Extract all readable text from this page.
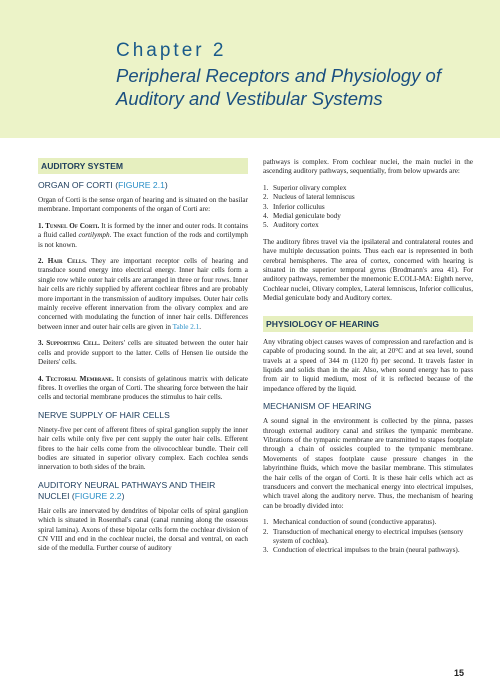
Chapter 2
Peripheral Receptors and Physiology of Auditory and Vestibular Systems
AUDITORY SYSTEM
ORGAN OF CORTI (FIGURE 2.1)

Organ of Corti is the sense organ of hearing and is situated on the basilar membrane. Important components of the organ of Corti are:

1. Tunnel Of Corti. It is formed by the inner and outer rods. It contains a fluid called cortilymph. The exact function of the rods and cortilymph is not known.

2. Hair Cells. They are important receptor cells of hearing and transduce sound energy into electrical energy. Inner hair cells form a single row while outer hair cells are arranged in three or four rows. Inner hair cells are richly supplied by afferent cochlear fibres and are probably more important in the transmission of auditory impulses. Outer hair cells mainly receive efferent innervation from the olivary complex and are concerned with modulating the function of inner hair cells. Differences between inner and outer hair cells are given in Table 2.1.

3. Supporting Cell. Deiters' cells are situated between the outer hair cells and provide support to the latter. Cells of Hensen lie outside the Deiters' cells.

4. Tectorial Membrane. It consists of gelatinous matrix with delicate fibres. It overlies the organ of Corti. The shearing force between the hair cells and tectorial membrane produces the stimulus to hair cells.

NERVE SUPPLY OF HAIR CELLS

Ninety-five per cent of afferent fibres of spiral ganglion supply the inner hair cells while only five per cent supply the outer hair cells. Efferent fibres to the hair cells come from the olivocochlear bundle. Their cell bodies are situated in superior olivary complex. Each cochlea sends innervation to both sides of the brain.

AUDITORY NEURAL PATHWAYS AND THEIR NUCLEI (FIGURE 2.2)

Hair cells are innervated by dendrites of bipolar cells of spiral ganglion which is situated in Rosenthal's canal (canal running along the osseous spiral lamina). Axons of these bipolar cells form the cochlear division of CN VIII and end in the cochlear nuclei, the dorsal and ventral, on each side of the medulla. Further course of auditory

pathways is complex. From cochlear nuclei, the main nuclei in the ascending auditory pathways, sequentially, from below upwards are:

1. Superior olivary complex
2. Nucleus of lateral lemniscus
3. Inferior colliculus
4. Medial geniculate body
5. Auditory cortex

The auditory fibres travel via the ipsilateral and contralateral routes and have multiple decussation points. Thus each ear is represented in both cerebral hemispheres. The area of cortex, concerned with hearing is situated in the superior temporal gyrus (Brodmann's area 41). For auditory pathways, remember the mnemonic E.COLI-MA: Eighth nerve, Cochlear nuclei, Olivary complex, Lateral lemniscus, Inferior colliculus, Medial geniculate body and Auditory cortex.

PHYSIOLOGY OF HEARING

Any vibrating object causes waves of compression and rarefaction and is capable of producing sound. In the air, at 20°C and at sea level, sound travels at a speed of 344 m (1120 ft) per second. It travels faster in liquids and solids than in the air. Also, when sound energy has to pass from air to liquid medium, most of it is reflected because of the impedance offered by the liquid.

MECHANISM OF HEARING

A sound signal in the environment is collected by the pinna, passes through external auditory canal and strikes the tympanic membrane. Vibrations of the tympanic membrane are transmitted to stapes footplate through a chain of ossicles coupled to the tympanic membrane. Movements of stapes footplate cause pressure changes in the labyrinthine fluids, which move the basilar membrane. This stimulates the hair cells of the organ of Corti. It is these hair cells which act as transducers and convert the mechanical energy into electrical impulses, which travel along the auditory nerve. Thus, the mechanism of hearing can be broadly divided into:

1. Mechanical conduction of sound (conductive apparatus).
2. Transduction of mechanical energy to electrical impulses (sensory system of cochlea).
3. Conduction of electrical impulses to the brain (neural pathways).
15
